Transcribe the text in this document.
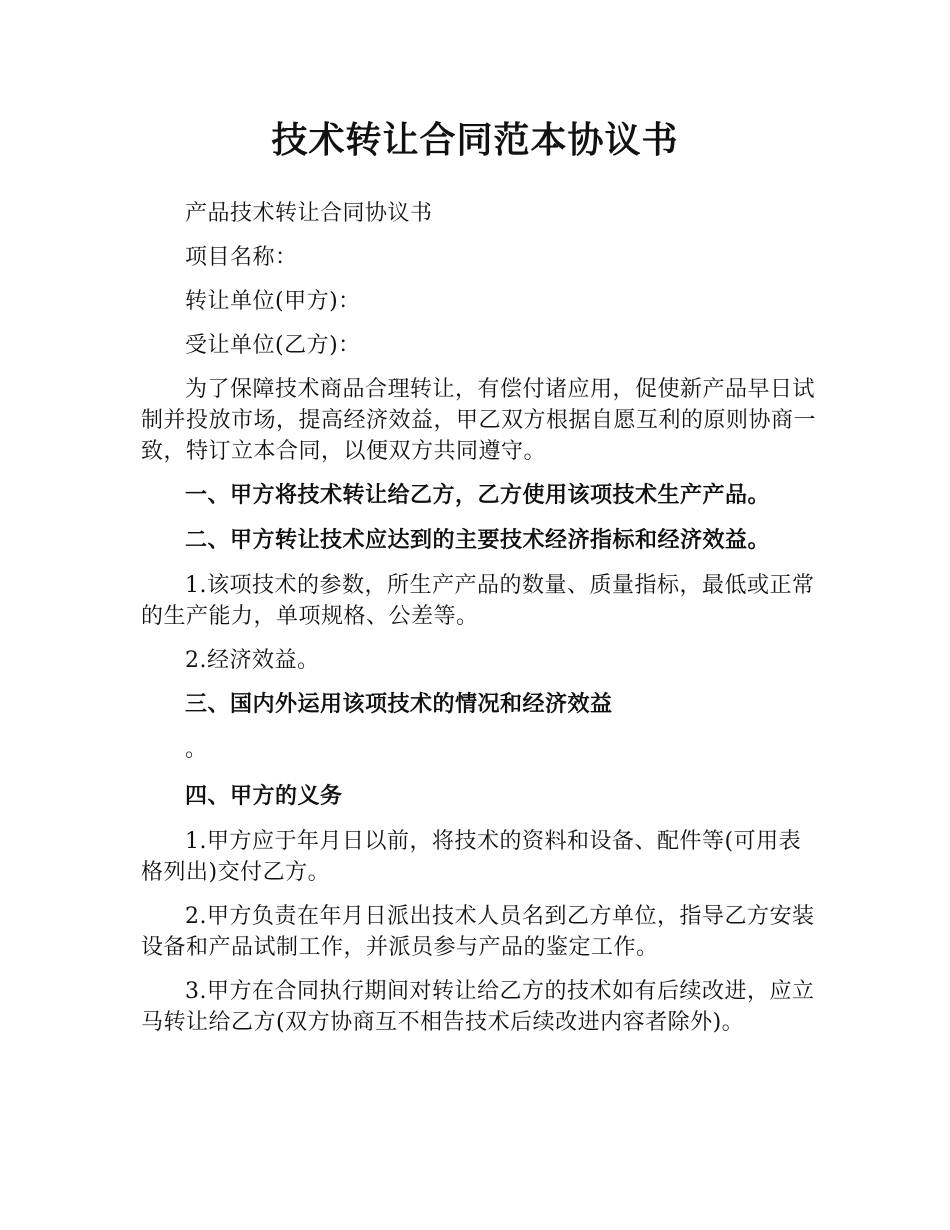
技术转让合同范本协议书

产品技术转让合同协议书

项目名称：

转让单位(甲方)：

受让单位(乙方)：

为了保障技术商品合理转让，有偿付诸应用，促使新产品早日试制并投放市场，提高经济效益，甲乙双方根据自愿互利的原则协商一致，特订立本合同，以便双方共同遵守。

一、甲方将技术转让给乙方，乙方使用该项技术生产产品。

二、甲方转让技术应达到的主要技术经济指标和经济效益。

1.该项技术的参数，所生产产品的数量、质量指标，最低或正常的生产能力，单项规格、公差等。

2.经济效益。

三、国内外运用该项技术的情况和经济效益

。

四、甲方的义务

1.甲方应于年月日以前，将技术的资料和设备、配件等(可用表格列出)交付乙方。

2.甲方负责在年月日派出技术人员名到乙方单位，指导乙方安装设备和产品试制工作，并派员参与产品的鉴定工作。

3.甲方在合同执行期间对转让给乙方的技术如有后续改进，应立马转让给乙方(双方协商互不相告技术后续改进内容者除外)。
